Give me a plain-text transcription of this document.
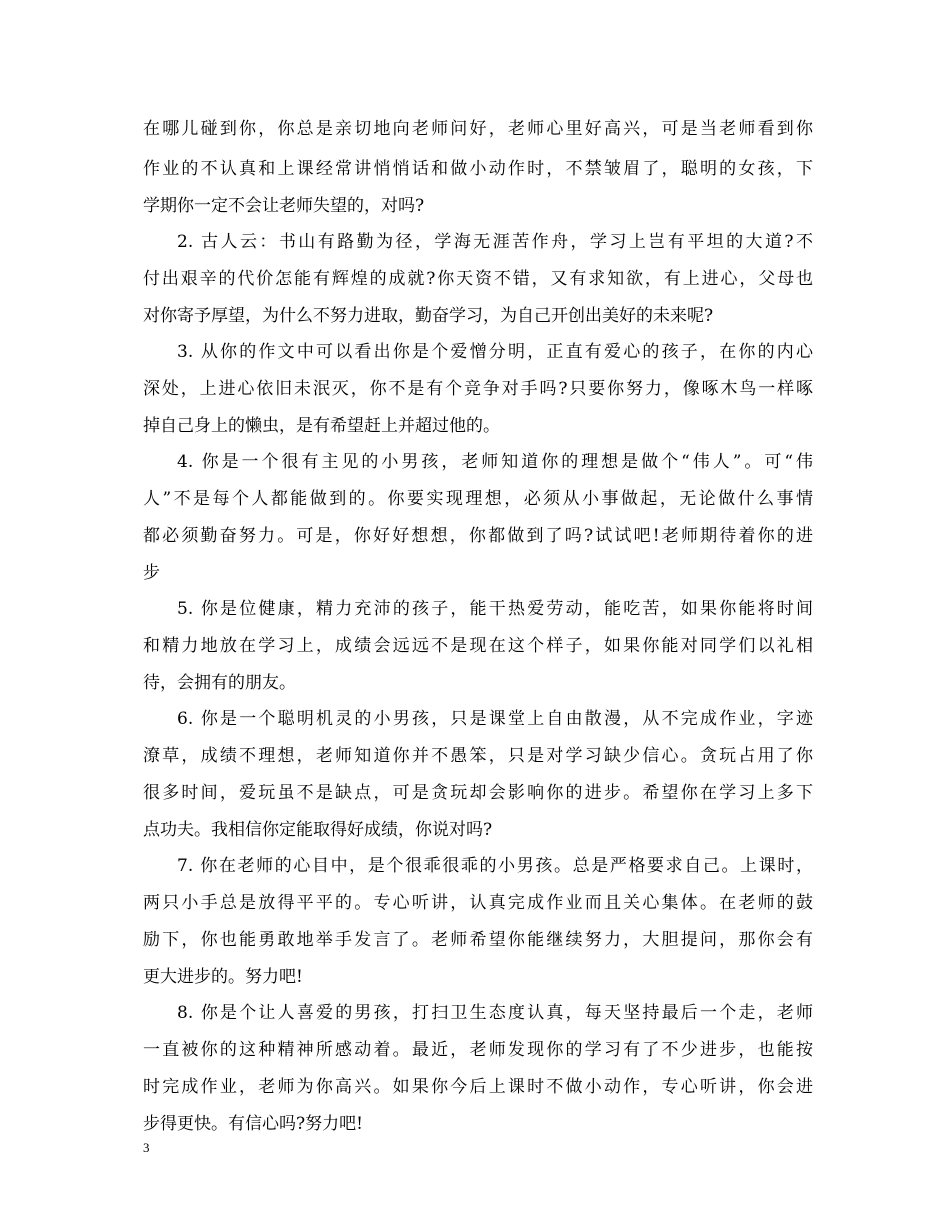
在哪儿碰到你，你总是亲切地向老师问好，老师心里好高兴，可是当老师看到你
作业的不认真和上课经常讲悄悄话和做小动作时，不禁皱眉了，聪明的女孩，下
学期你一定不会让老师失望的，对吗?
2. 古人云：书山有路勤为径，学海无涯苦作舟，学习上岂有平坦的大道?不
付出艰辛的代价怎能有辉煌的成就?你天资不错，又有求知欲，有上进心，父母也
对你寄予厚望，为什么不努力进取，勤奋学习，为自己开创出美好的未来呢?
3. 从你的作文中可以看出你是个爱憎分明，正直有爱心的孩子，在你的内心
深处，上进心依旧未泯灭，你不是有个竞争对手吗?只要你努力，像啄木鸟一样啄
掉自己身上的懒虫，是有希望赶上并超过他的。
4. 你是一个很有主见的小男孩，老师知道你的理想是做个“伟人”。可“伟
人”不是每个人都能做到的。你要实现理想，必须从小事做起，无论做什么事情
都必须勤奋努力。可是，你好好想想，你都做到了吗?试试吧!老师期待着你的进
步
5. 你是位健康，精力充沛的孩子，能干热爱劳动，能吃苦，如果你能将时间
和精力地放在学习上，成绩会远远不是现在这个样子，如果你能对同学们以礼相
待，会拥有的朋友。
6. 你是一个聪明机灵的小男孩，只是课堂上自由散漫，从不完成作业，字迹
潦草，成绩不理想，老师知道你并不愚笨，只是对学习缺少信心。贪玩占用了你
很多时间，爱玩虽不是缺点，可是贪玩却会影响你的进步。希望你在学习上多下
点功夫。我相信你定能取得好成绩，你说对吗?
7. 你在老师的心目中，是个很乖很乖的小男孩。总是严格要求自己。上课时，
两只小手总是放得平平的。专心听讲，认真完成作业而且关心集体。在老师的鼓
励下，你也能勇敢地举手发言了。老师希望你能继续努力，大胆提问，那你会有
更大进步的。努力吧!
8. 你是个让人喜爱的男孩，打扫卫生态度认真，每天坚持最后一个走，老师
一直被你的这种精神所感动着。最近，老师发现你的学习有了不少进步，也能按
时完成作业，老师为你高兴。如果你今后上课时不做小动作，专心听讲，你会进
步得更快。有信心吗?努力吧!
3
